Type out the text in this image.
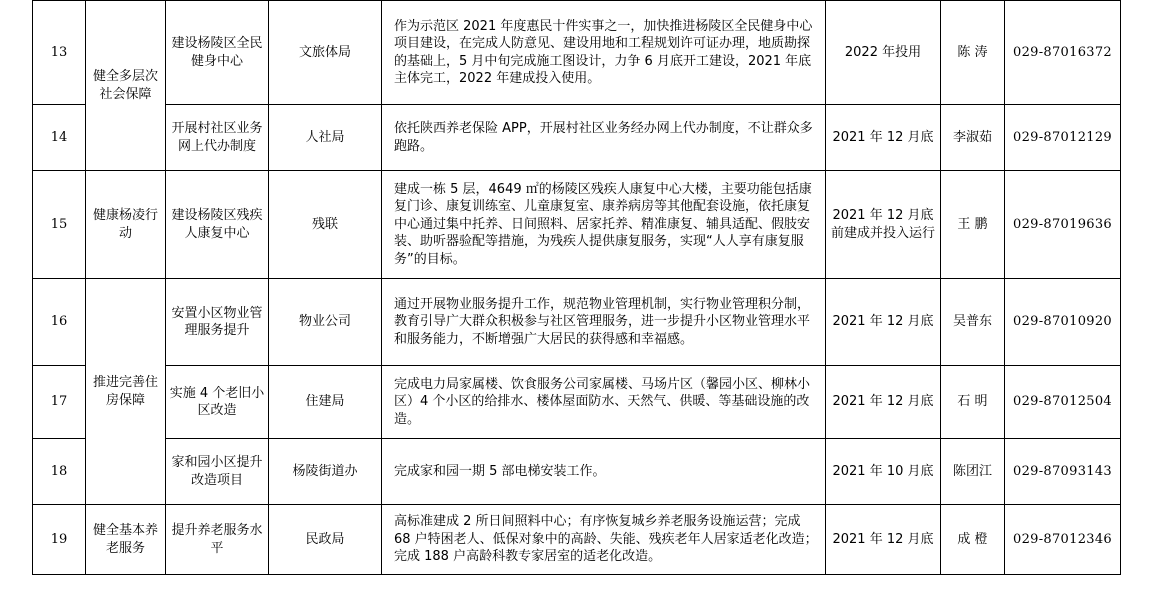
13	健全多层次社会保障	建设杨陵区全民健身中心	文旅体局	作为示范区 2021 年度惠民十件实事之一，加快推进杨陵区全民健身中心项目建设，在完成人防意见、建设用地和工程规划许可证办理，地质勘探的基础上，5 月中旬完成施工图设计，力争 6 月底开工建设，2021 年底主体完工，2022 年建成投入使用。	2022 年投用	陈 涛	029-87016372
14		开展村社区业务网上代办制度	人社局	依托陕西养老保险 APP，开展村社区业务经办网上代办制度，不让群众多跑路。	2021 年 12 月底	李淑茹	029-87012129
15	健康杨凌行动	建设杨陵区残疾人康复中心	残联	建成一栋 5 层，4649 ㎡的杨陵区残疾人康复中心大楼，主要功能包括康复门诊、康复训练室、儿童康复室、康养病房等其他配套设施，依托康复中心通过集中托养、日间照料、居家托养、精准康复、辅具适配、假肢安装、助听器验配等措施，为残疾人提供康复服务，实现“人人享有康复服务”的目标。	2021 年 12 月底前建成并投入运行	王 鹏	029-87019636
16	推进完善住房保障	安置小区物业管理服务提升	物业公司	通过开展物业服务提升工作，规范物业管理机制，实行物业管理积分制，教育引导广大群众积极参与社区管理服务，进一步提升小区物业管理水平和服务能力，不断增强广大居民的获得感和幸福感。	2021 年 12 月底	吴普东	029-87010920
17		实施 4 个老旧小区改造	住建局	完成电力局家属楼、饮食服务公司家属楼、马场片区（馨园小区、柳林小区）4 个小区的给排水、楼体屋面防水、天然气、供暖、等基础设施的改造。	2021 年 12 月底	石 明	029-87012504
18		家和园小区提升改造项目	杨陵街道办	完成家和园一期 5 部电梯安装工作。	2021 年 10 月底	陈团江	029-87093143
19	健全基本养老服务	提升养老服务水平	民政局	高标准建成 2 所日间照料中心；有序恢复城乡养老服务设施运营；完成 68 户特困老人、低保对象中的高龄、失能、残疾老年人居家适老化改造；完成 188 户高龄科教专家居室的适老化改造。	2021 年 12 月底	成 橙	029-87012346
